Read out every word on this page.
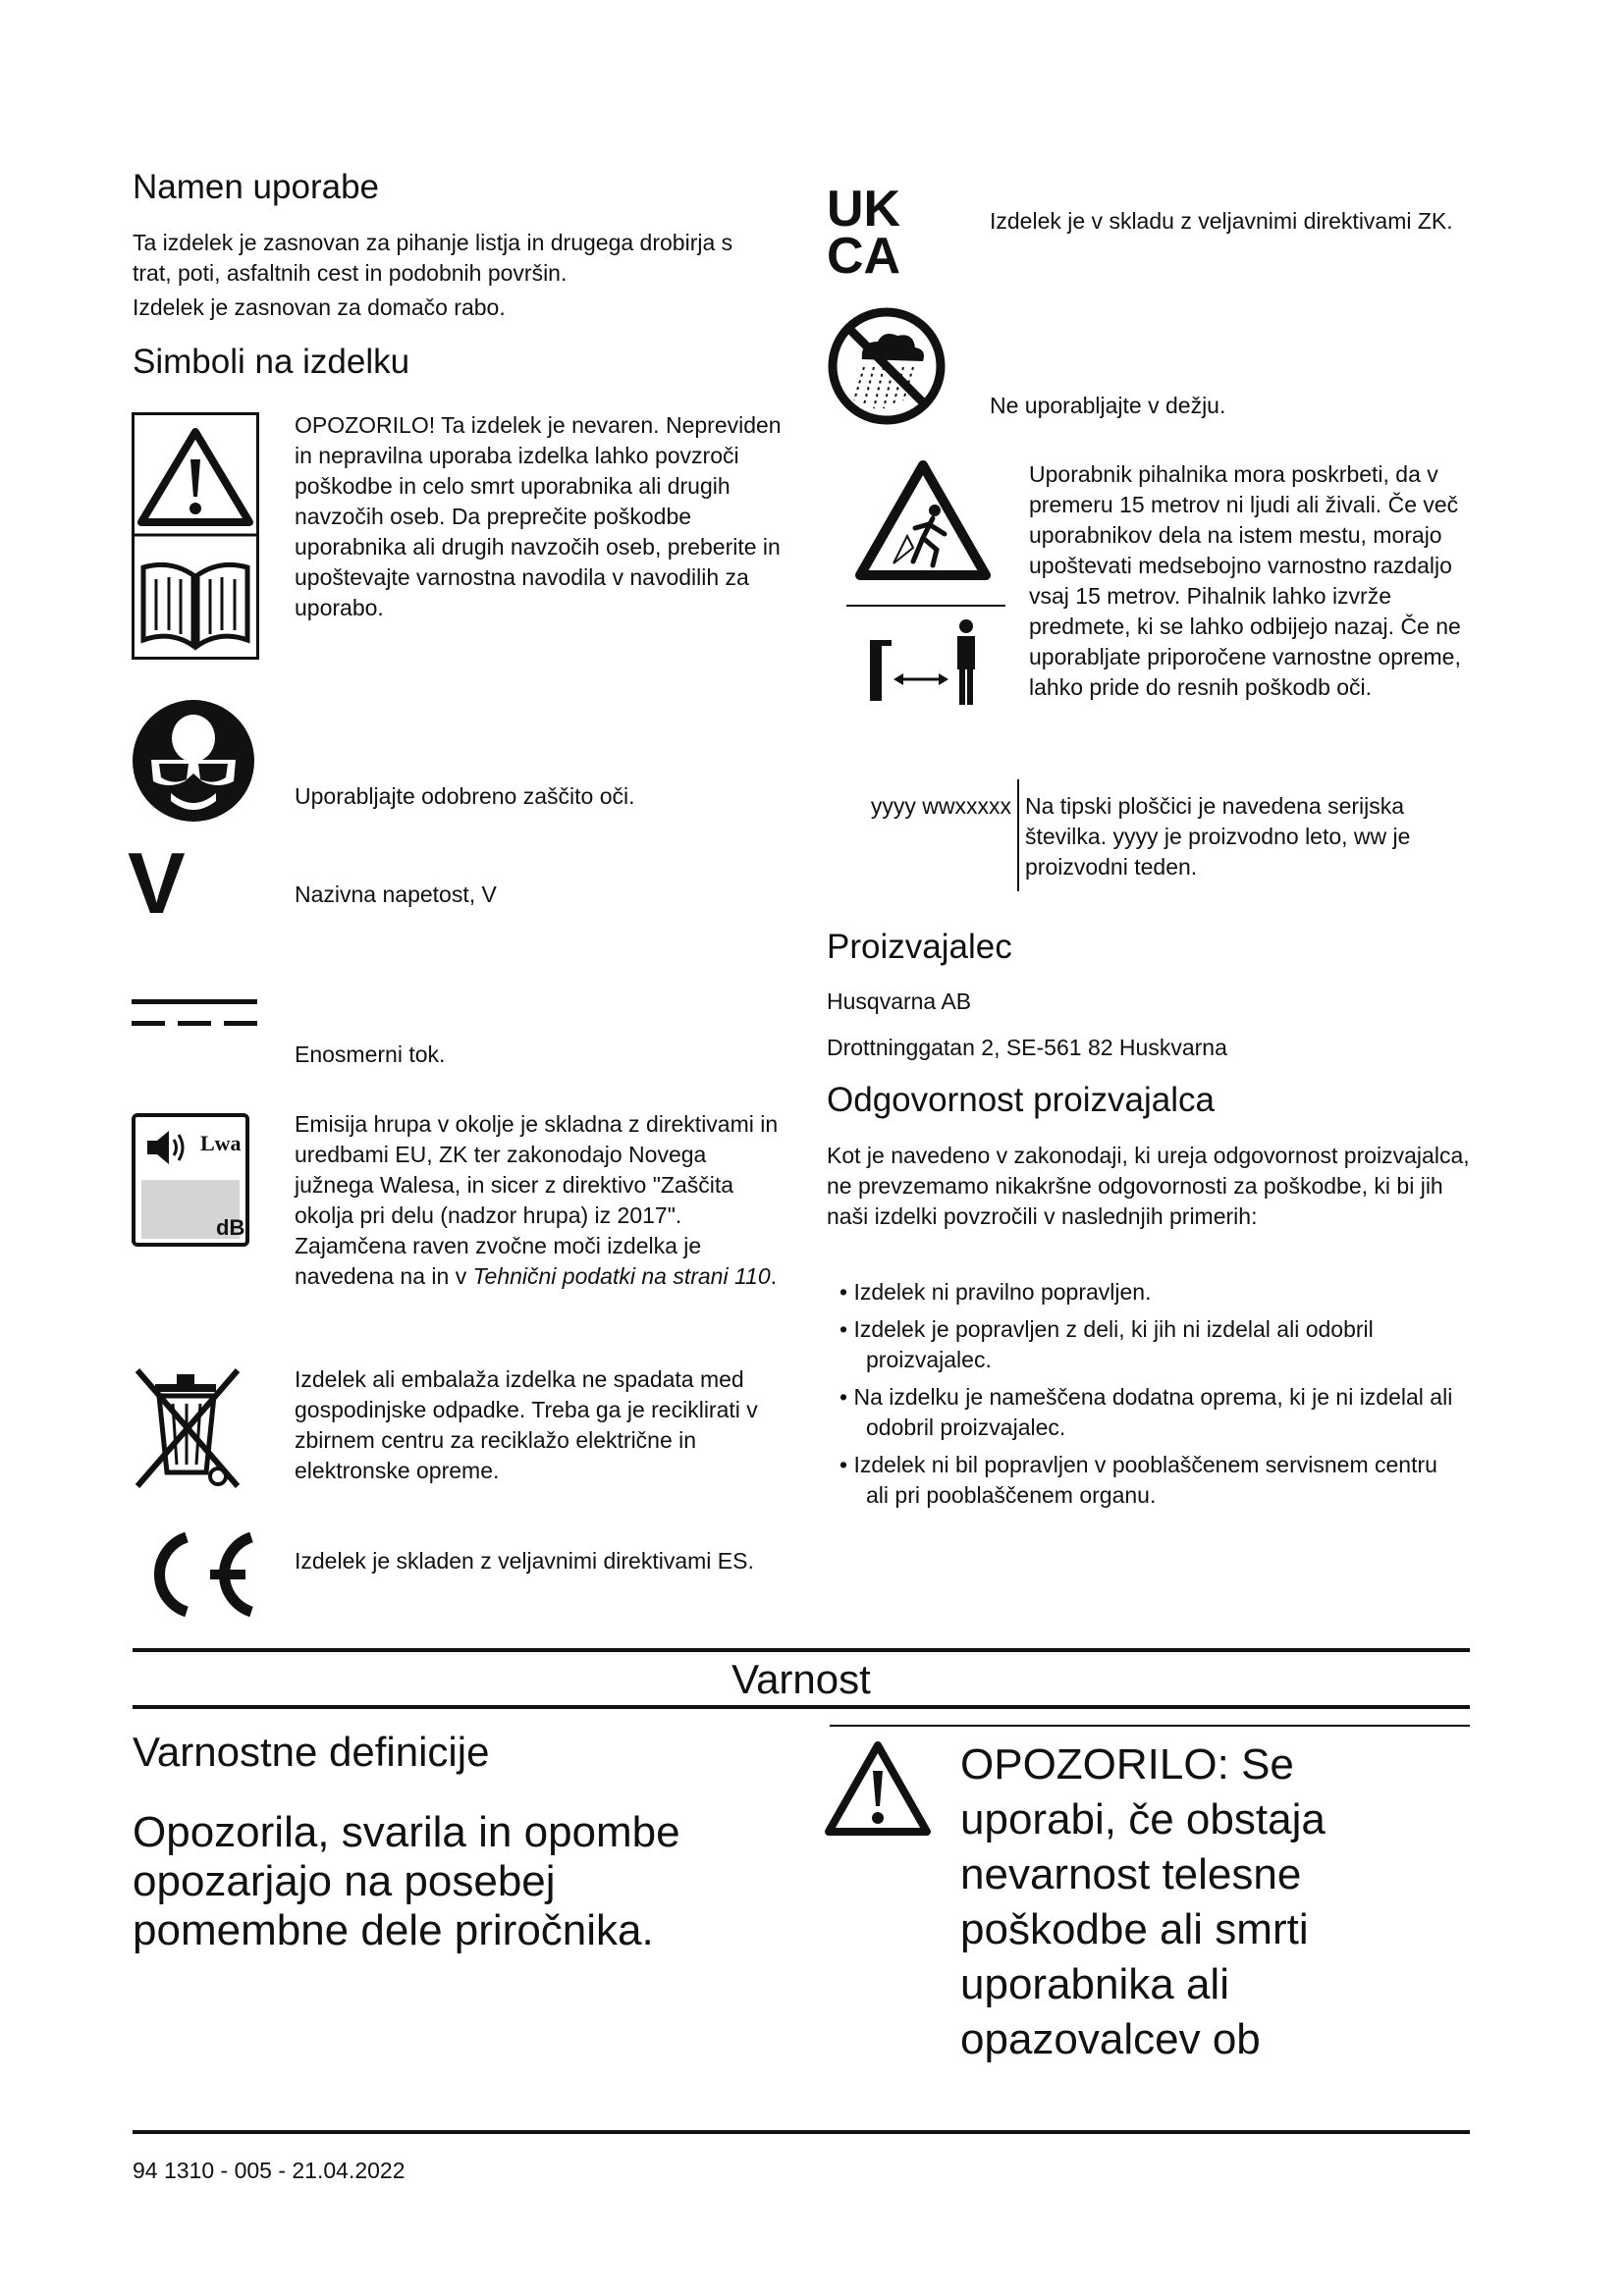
Namen uporabe
Ta izdelek je zasnovan za pihanje listja in drugega drobirja s trat, poti, asfaltnih cest in podobnih površin.
Izdelek je zasnovan za domačo rabo.
Simboli na izdelku
OPOZORILO! Ta izdelek je nevaren. Nepreviden in nepravilna uporaba izdelka lahko povzroči poškodbe in celo smrt uporabnika ali drugih navzočih oseb. Da preprečite poškodbe uporabnika ali drugih navzočih oseb, preberite in upoštevajte varnostna navodila v navodilih za uporabo.
Uporabljajte odobreno zaščito oči.
V	Nazivna napetost, V
Enosmerni tok.
Lwa
dB
Emisija hrupa v okolje je skladna z direktivami in uredbami EU, ZK ter zakonodajo Novega južnega Walesa, in sicer z direktivo "Zaščita okolja pri delu (nadzor hrupa) iz 2017". Zajamčena raven zvočne moči izdelka je navedena na in v Tehnični podatki na strani 110.
Izdelek ali embalaža izdelka ne spadata med gospodinjske odpadke. Treba ga je reciklirati v zbirnem centru za reciklažo električne in elektronske opreme.
Izdelek je skladen z veljavnimi direktivami ES.
UK
CA
Izdelek je v skladu z veljavnimi direktivami ZK.
Ne uporabljajte v dežju.
Uporabnik pihalnika mora poskrbeti, da v premeru 15 metrov ni ljudi ali živali. Če več uporabnikov dela na istem mestu, morajo upoštevati medsebojno varnostno razdaljo vsaj 15 metrov. Pihalnik lahko izvrže predmete, ki se lahko odbijejo nazaj. Če ne uporabljate priporočene varnostne opreme, lahko pride do resnih poškodb oči.
yyyy wwxxxxx Na tipski ploščici je navedena serijska številka. yyyy je proizvodno leto, ww je proizvodni teden.
Proizvajalec
Husqvarna AB
Drottninggatan 2, SE-561 82 Huskvarna
Odgovornost proizvajalca
Kot je navedeno v zakonodaji, ki ureja odgovornost proizvajalca, ne prevzemamo nikakršne odgovornosti za poškodbe, ki bi jih naši izdelki povzročili v naslednjih primerih:
• Izdelek ni pravilno popravljen.
• Izdelek je popravljen z deli, ki jih ni izdelal ali odobril proizvajalec.
• Na izdelku je nameščena dodatna oprema, ki je ni izdelal ali odobril proizvajalec.
• Izdelek ni bil popravljen v pooblaščenem servisnem centru ali pri pooblaščenem organu.
Varnost
Varnostne definicije
Opozorila, svarila in opombe opozarjajo na posebej pomembne dele priročnika.
OPOZORILO: Se uporabi, če obstaja nevarnost telesne poškodbe ali smrti uporabnika ali opazovalcev ob
94 1310 - 005 - 21.04.2022
